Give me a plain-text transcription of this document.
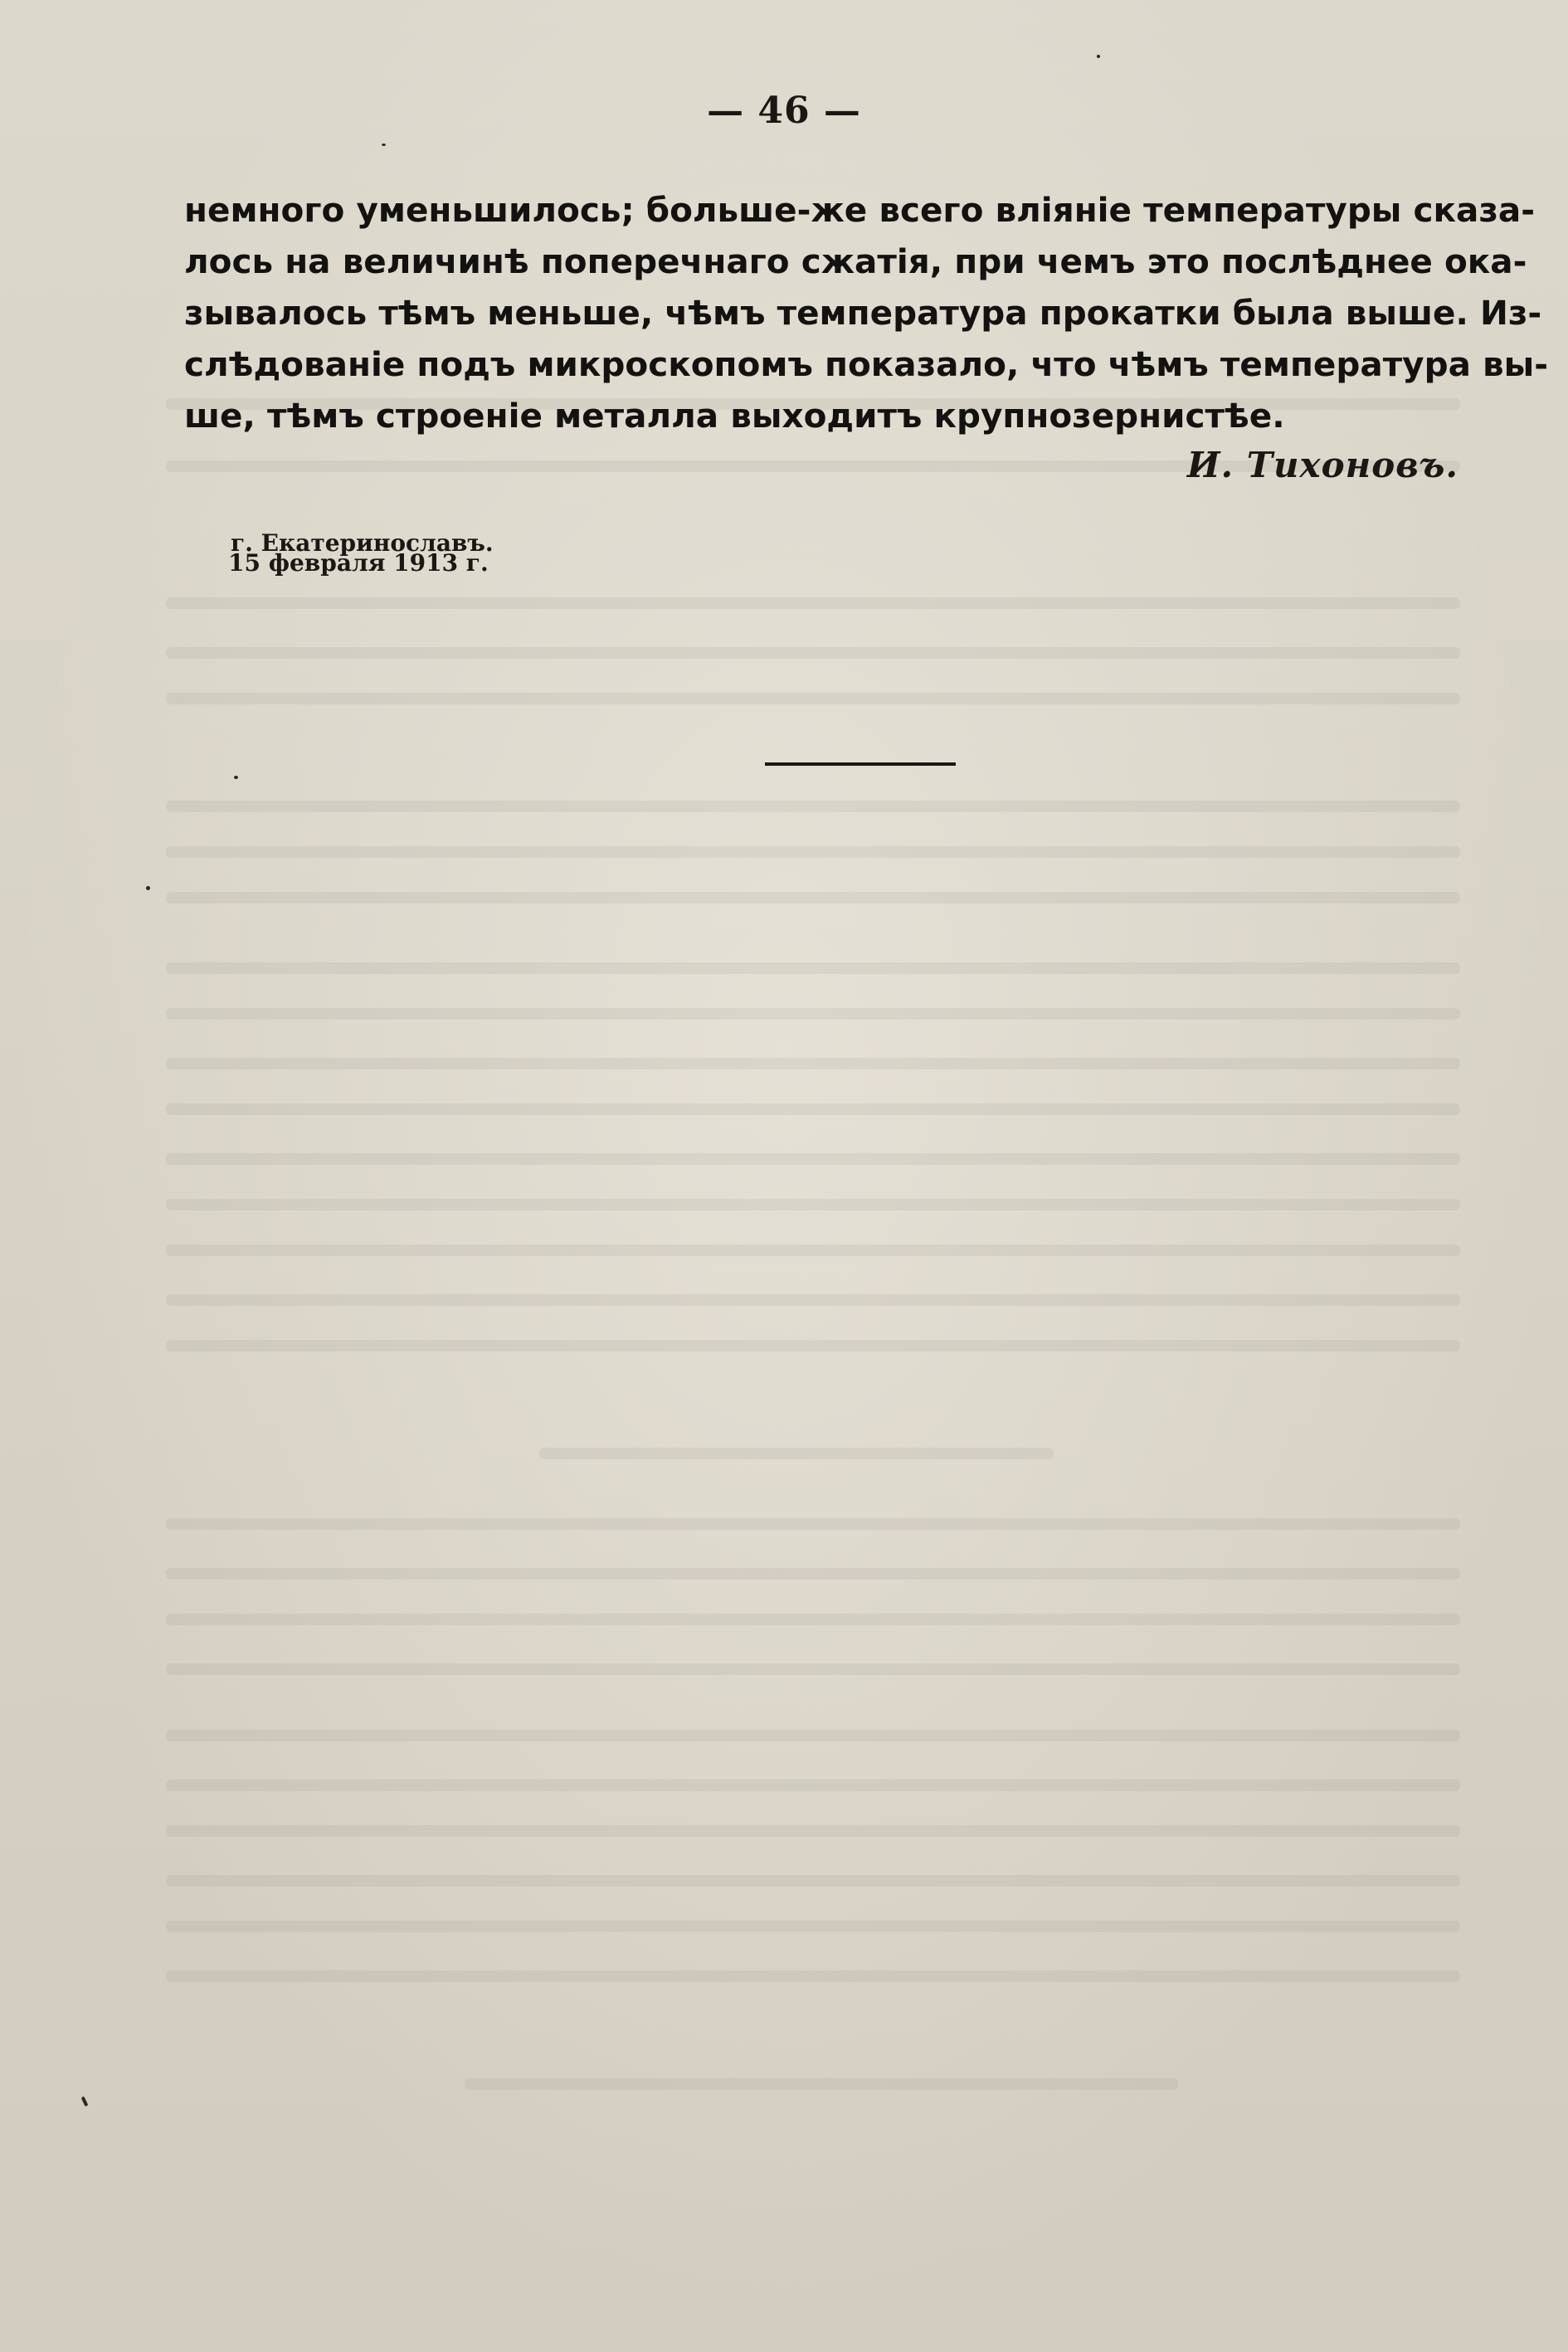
— 46 —
немного уменьшилось; больше-же всего вліяніе температуры сказа-
лось на величинѣ поперечнаго сжатія, при чемъ это послѣднее ока-
зывалось тѣмъ меньше, чѣмъ температура прокатки была выше. Из-
слѣдованіе подъ микроскопомъ показало, что чѣмъ температура вы-
ше, тѣмъ строеніе металла выходитъ крупнозернистѣе.
И. Тихоновъ.
г. Екатеринославъ.
15 февраля 1913 г.
